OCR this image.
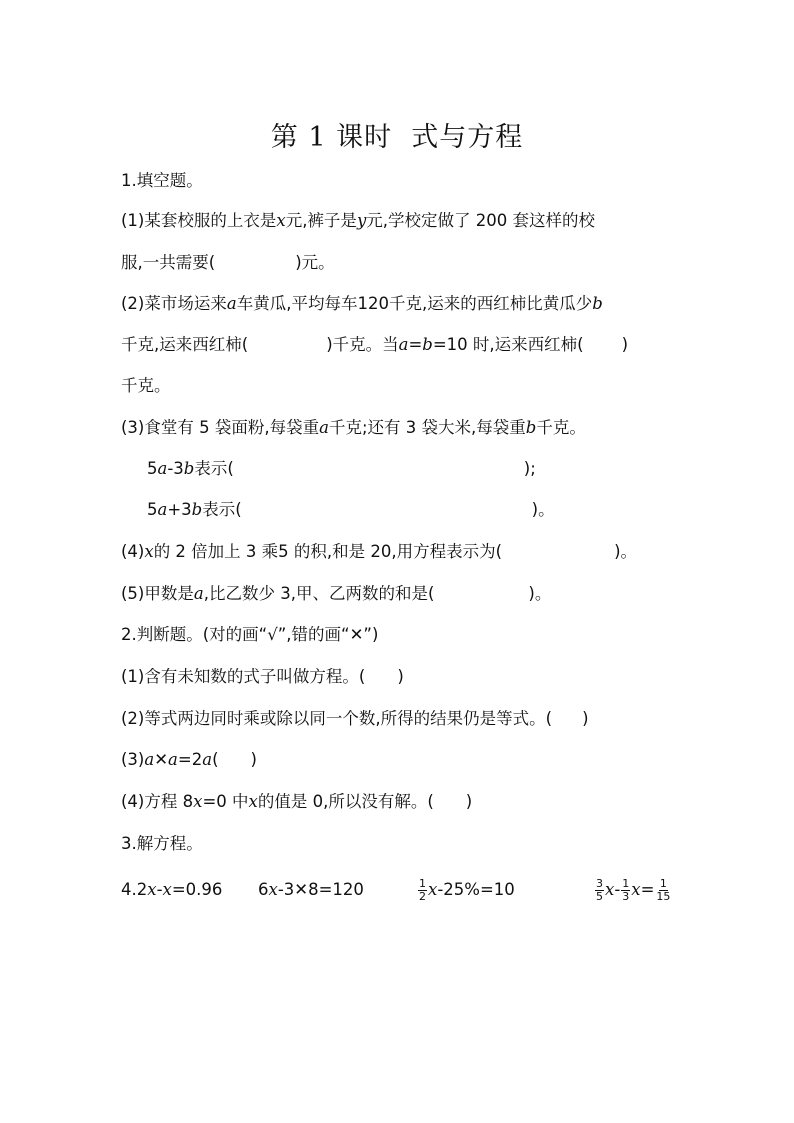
第 1 课时  式与方程
1.填空题。
(1)某套校服的上衣是x元,裤子是y元,学校定做了 200 套这样的校
服,一共需要(	)元。
(2)菜市场运来a车黄瓜,平均每车120千克,运来的西红柿比黄瓜少b
千克,运来西红柿(	)千克。当a=b=10 时,运来西红柿( )
千克。
(3)食堂有 5 袋面粉,每袋重a千克;还有 3 袋大米,每袋重b千克。
5a-3b表示(	);
5a+3b表示(	)。
(4)x的 2 倍加上 3 乘5 的积,和是 20,用方程表示为(	)。
(5)甲数是a,比乙数少 3,甲、乙两数的和是(	)。
2.判断题。(对的画“√”,错的画“✕”)
(1)含有未知数的式子叫做方程。( )
(2)等式两边同时乘或除以同一个数,所得的结果仍是等式。( )
(3)a✕a=2a( )
(4)方程 8x=0 中x的值是 0,所以没有解。( )
3.解方程。
4. 2 x - x =0.96 6 x -3✕8=120	$\frac{1}{2}$ x -25%=10	$\frac{3}{5}$ x - $\frac{1}{3}$ $x = \frac{1}{15}$
